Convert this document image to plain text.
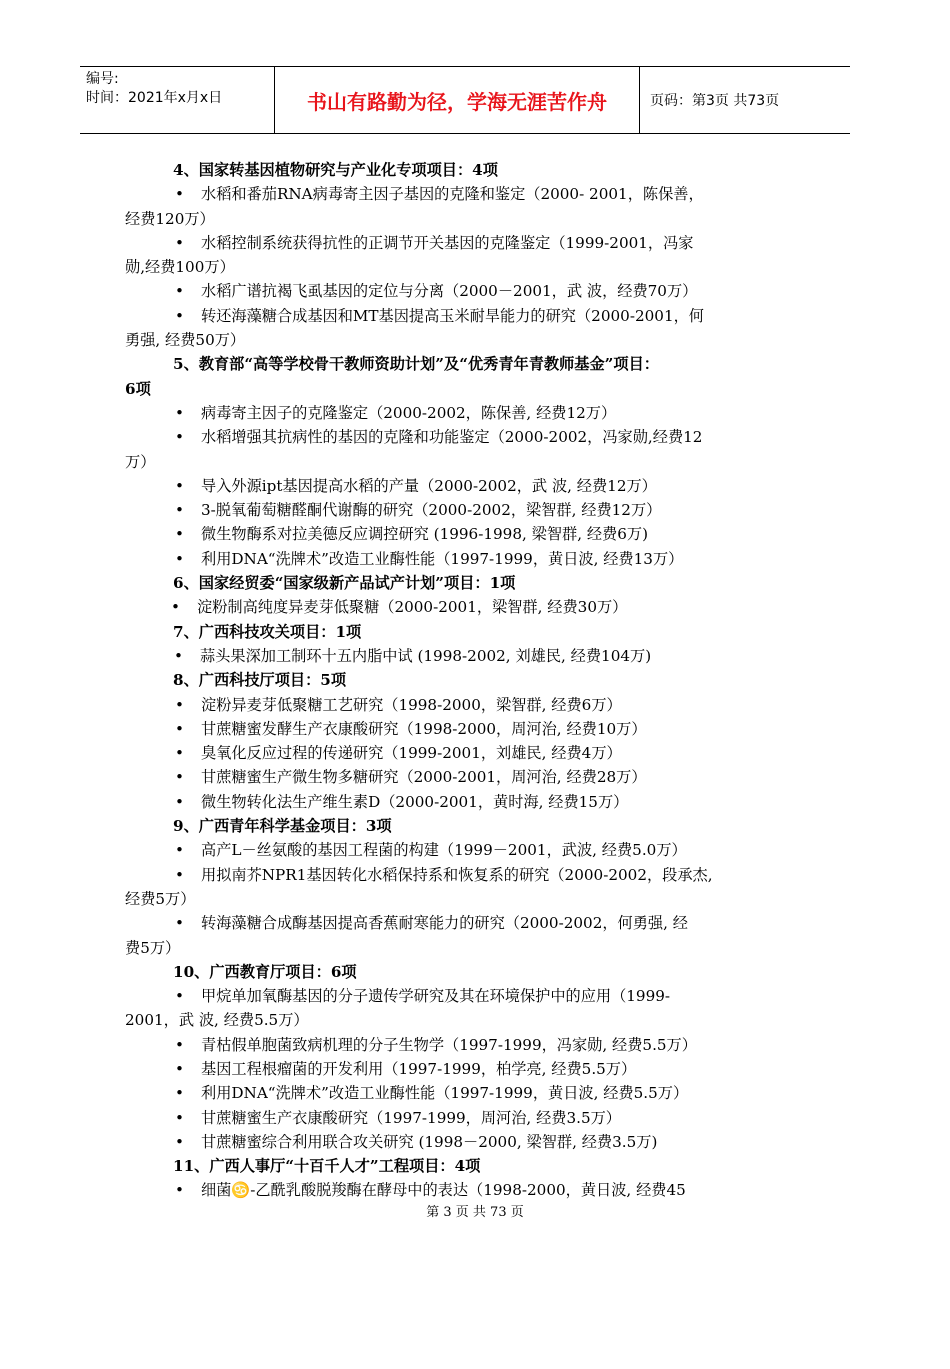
编号:
时间：2021年x月x日	书山有路勤为径，学海无涯苦作舟	页码：第3页 共73页
4、国家转基因植物研究与产业化专项项目：4项
• 水稻和番茄RNA病毒寄主因子基因的克隆和鉴定（2000- 2001，陈保善，
经费120万）
• 水稻控制系统获得抗性的正调节开关基因的克隆鉴定（1999-2001，冯家
勋,经费100万）
• 水稻广谱抗褐飞虱基因的定位与分离（2000－2001，武 波，经费70万）
• 转还海藻糖合成基因和MT基因提高玉米耐旱能力的研究（2000-2001，何
勇强, 经费50万）
5、教育部“高等学校骨干教师资助计划”及“优秀青年青教师基金”项目：
6项
• 病毒寄主因子的克隆鉴定（2000-2002，陈保善, 经费12万）
• 水稻增强其抗病性的基因的克隆和功能鉴定（2000-2002，冯家勋,经费12
万）
• 导入外源ipt基因提高水稻的产量（2000-2002，武 波, 经费12万）
• 3-脱氧葡萄糖醛酮代谢酶的研究（2000-2002，梁智群, 经费12万）
• 微生物酶系对拉美德反应调控研究 (1996-1998, 梁智群, 经费6万)
• 利用DNA“洗牌术”改造工业酶性能（1997-1999，黄日波, 经费13万）
6、国家经贸委“国家级新产品试产计划”项目：1项
• 淀粉制高纯度异麦芽低聚糖（2000-2001，梁智群, 经费30万）
7、广西科技攻关项目：1项
• 蒜头果深加工制环十五内脂中试 (1998-2002, 刘雄民, 经费104万)
8、广西科技厅项目：5项
• 淀粉异麦芽低聚糖工艺研究（1998-2000，梁智群, 经费6万）
• 甘蔗糖蜜发酵生产衣康酸研究（1998-2000，周河治, 经费10万）
• 臭氧化反应过程的传递研究（1999-2001，刘雄民, 经费4万）
• 甘蔗糖蜜生产微生物多糖研究（2000-2001，周河治, 经费28万）
• 微生物转化法生产维生素D（2000-2001，黄时海, 经费15万）
9、广西青年科学基金项目：3项
• 高产L－丝氨酸的基因工程菌的构建（1999－2001，武波, 经费5.0万）
• 用拟南芥NPR1基因转化水稻保持系和恢复系的研究（2000-2002，段承杰,
经费5万）
• 转海藻糖合成酶基因提高香蕉耐寒能力的研究（2000-2002，何勇强, 经
费5万）
10、广西教育厅项目：6项
• 甲烷单加氧酶基因的分子遗传学研究及其在环境保护中的应用（1999-
2001，武 波, 经费5.5万）
• 青枯假单胞菌致病机理的分子生物学（1997-1999，冯家勋, 经费5.5万）
• 基因工程根瘤菌的开发利用（1997-1999，柏学亮, 经费5.5万）
• 利用DNA“洗牌术”改造工业酶性能（1997-1999，黄日波, 经费5.5万）
• 甘蔗糖蜜生产衣康酸研究（1997-1999，周河治, 经费3.5万）
• 甘蔗糖蜜综合利用联合攻关研究 (1998－2000, 梁智群, 经费3.5万)
11、广西人事厅“十百千人才”工程项目：4项
• 细菌♋-乙酰乳酸脱羧酶在酵母中的表达（1998-2000，黄日波, 经费45
第 3 页 共 73 页
